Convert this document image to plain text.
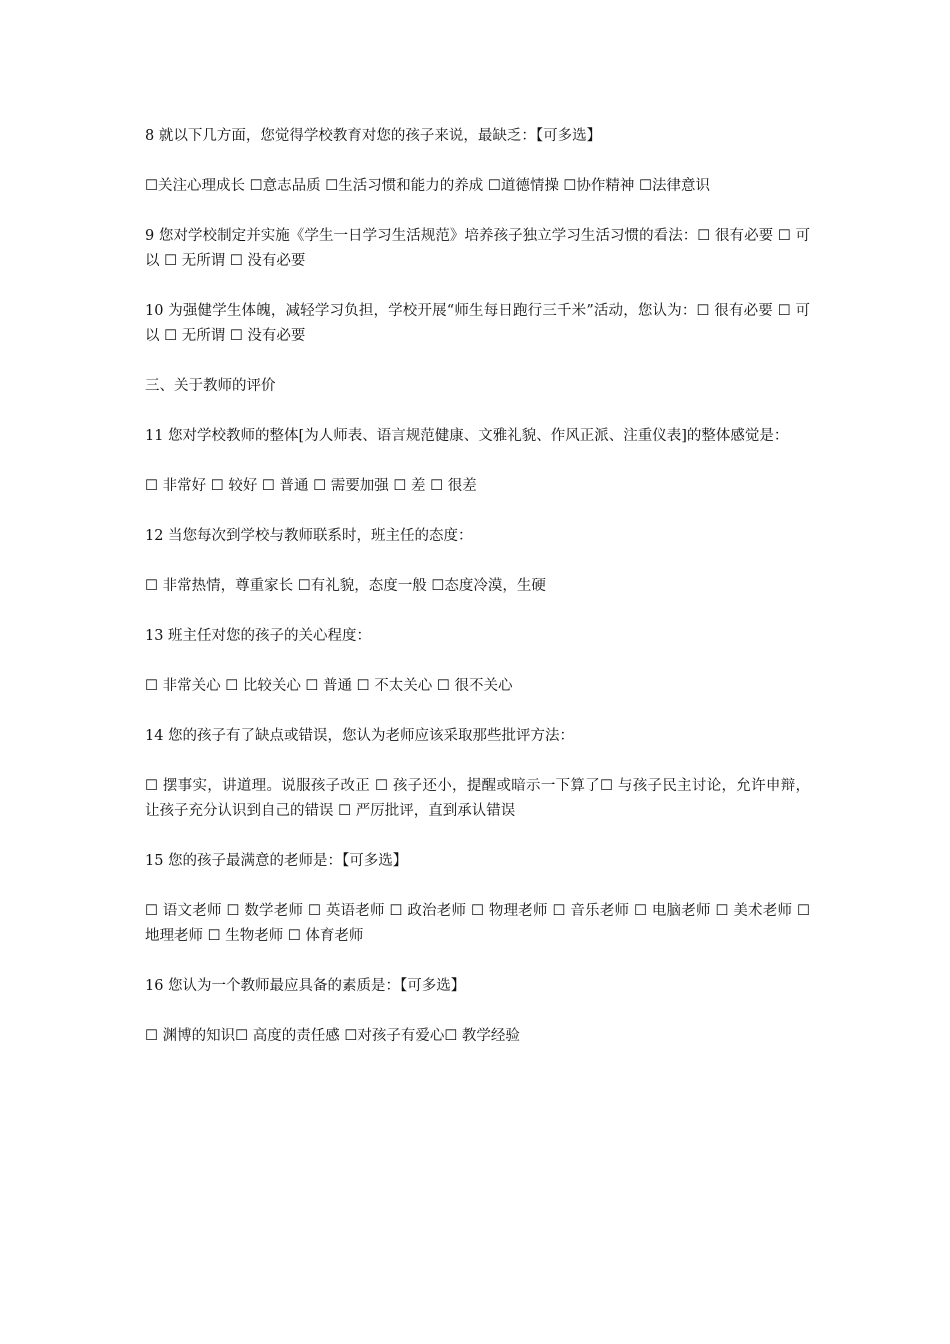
8 就以下几方面，您觉得学校教育对您的孩子来说，最缺乏：【可多选】

☐关注心理成长 ☐意志品质 ☐生活习惯和能力的养成 ☐道德情操 ☐协作精神 ☐法律意识

9 您对学校制定并实施《学生一日学习生活规范》培养孩子独立学习生活习惯的看法：☐ 很有必要 ☐ 可以 ☐ 无所谓 ☐ 没有必要

10 为强健学生体魄，减轻学习负担，学校开展“师生每日跑行三千米”活动，您认为：☐ 很有必要 ☐ 可以 ☐ 无所谓 ☐ 没有必要

三、关于教师的评价

11 您对学校教师的整体[为人师表、语言规范健康、文雅礼貌、作风正派、注重仪表]的整体感觉是：

☐ 非常好 ☐ 较好 ☐ 普通 ☐ 需要加强 ☐ 差 ☐ 很差

12 当您每次到学校与教师联系时，班主任的态度：

☐ 非常热情，尊重家长 ☐有礼貌，态度一般 ☐态度冷漠，生硬

13 班主任对您的孩子的关心程度：

☐ 非常关心 ☐ 比较关心 ☐ 普通 ☐ 不太关心 ☐ 很不关心

14 您的孩子有了缺点或错误，您认为老师应该采取那些批评方法：

☐ 摆事实，讲道理。说服孩子改正 ☐ 孩子还小，提醒或暗示一下算了☐ 与孩子民主讨论，允许申辩，让孩子充分认识到自己的错误 ☐ 严厉批评，直到承认错误

15 您的孩子最满意的老师是：【可多选】

☐ 语文老师 ☐ 数学老师 ☐ 英语老师 ☐ 政治老师 ☐ 物理老师 ☐ 音乐老师 ☐ 电脑老师 ☐ 美术老师 ☐ 地理老师 ☐ 生物老师 ☐ 体育老师

16 您认为一个教师最应具备的素质是：【可多选】

☐ 渊博的知识☐ 高度的责任感 ☐对孩子有爱心☐ 教学经验
